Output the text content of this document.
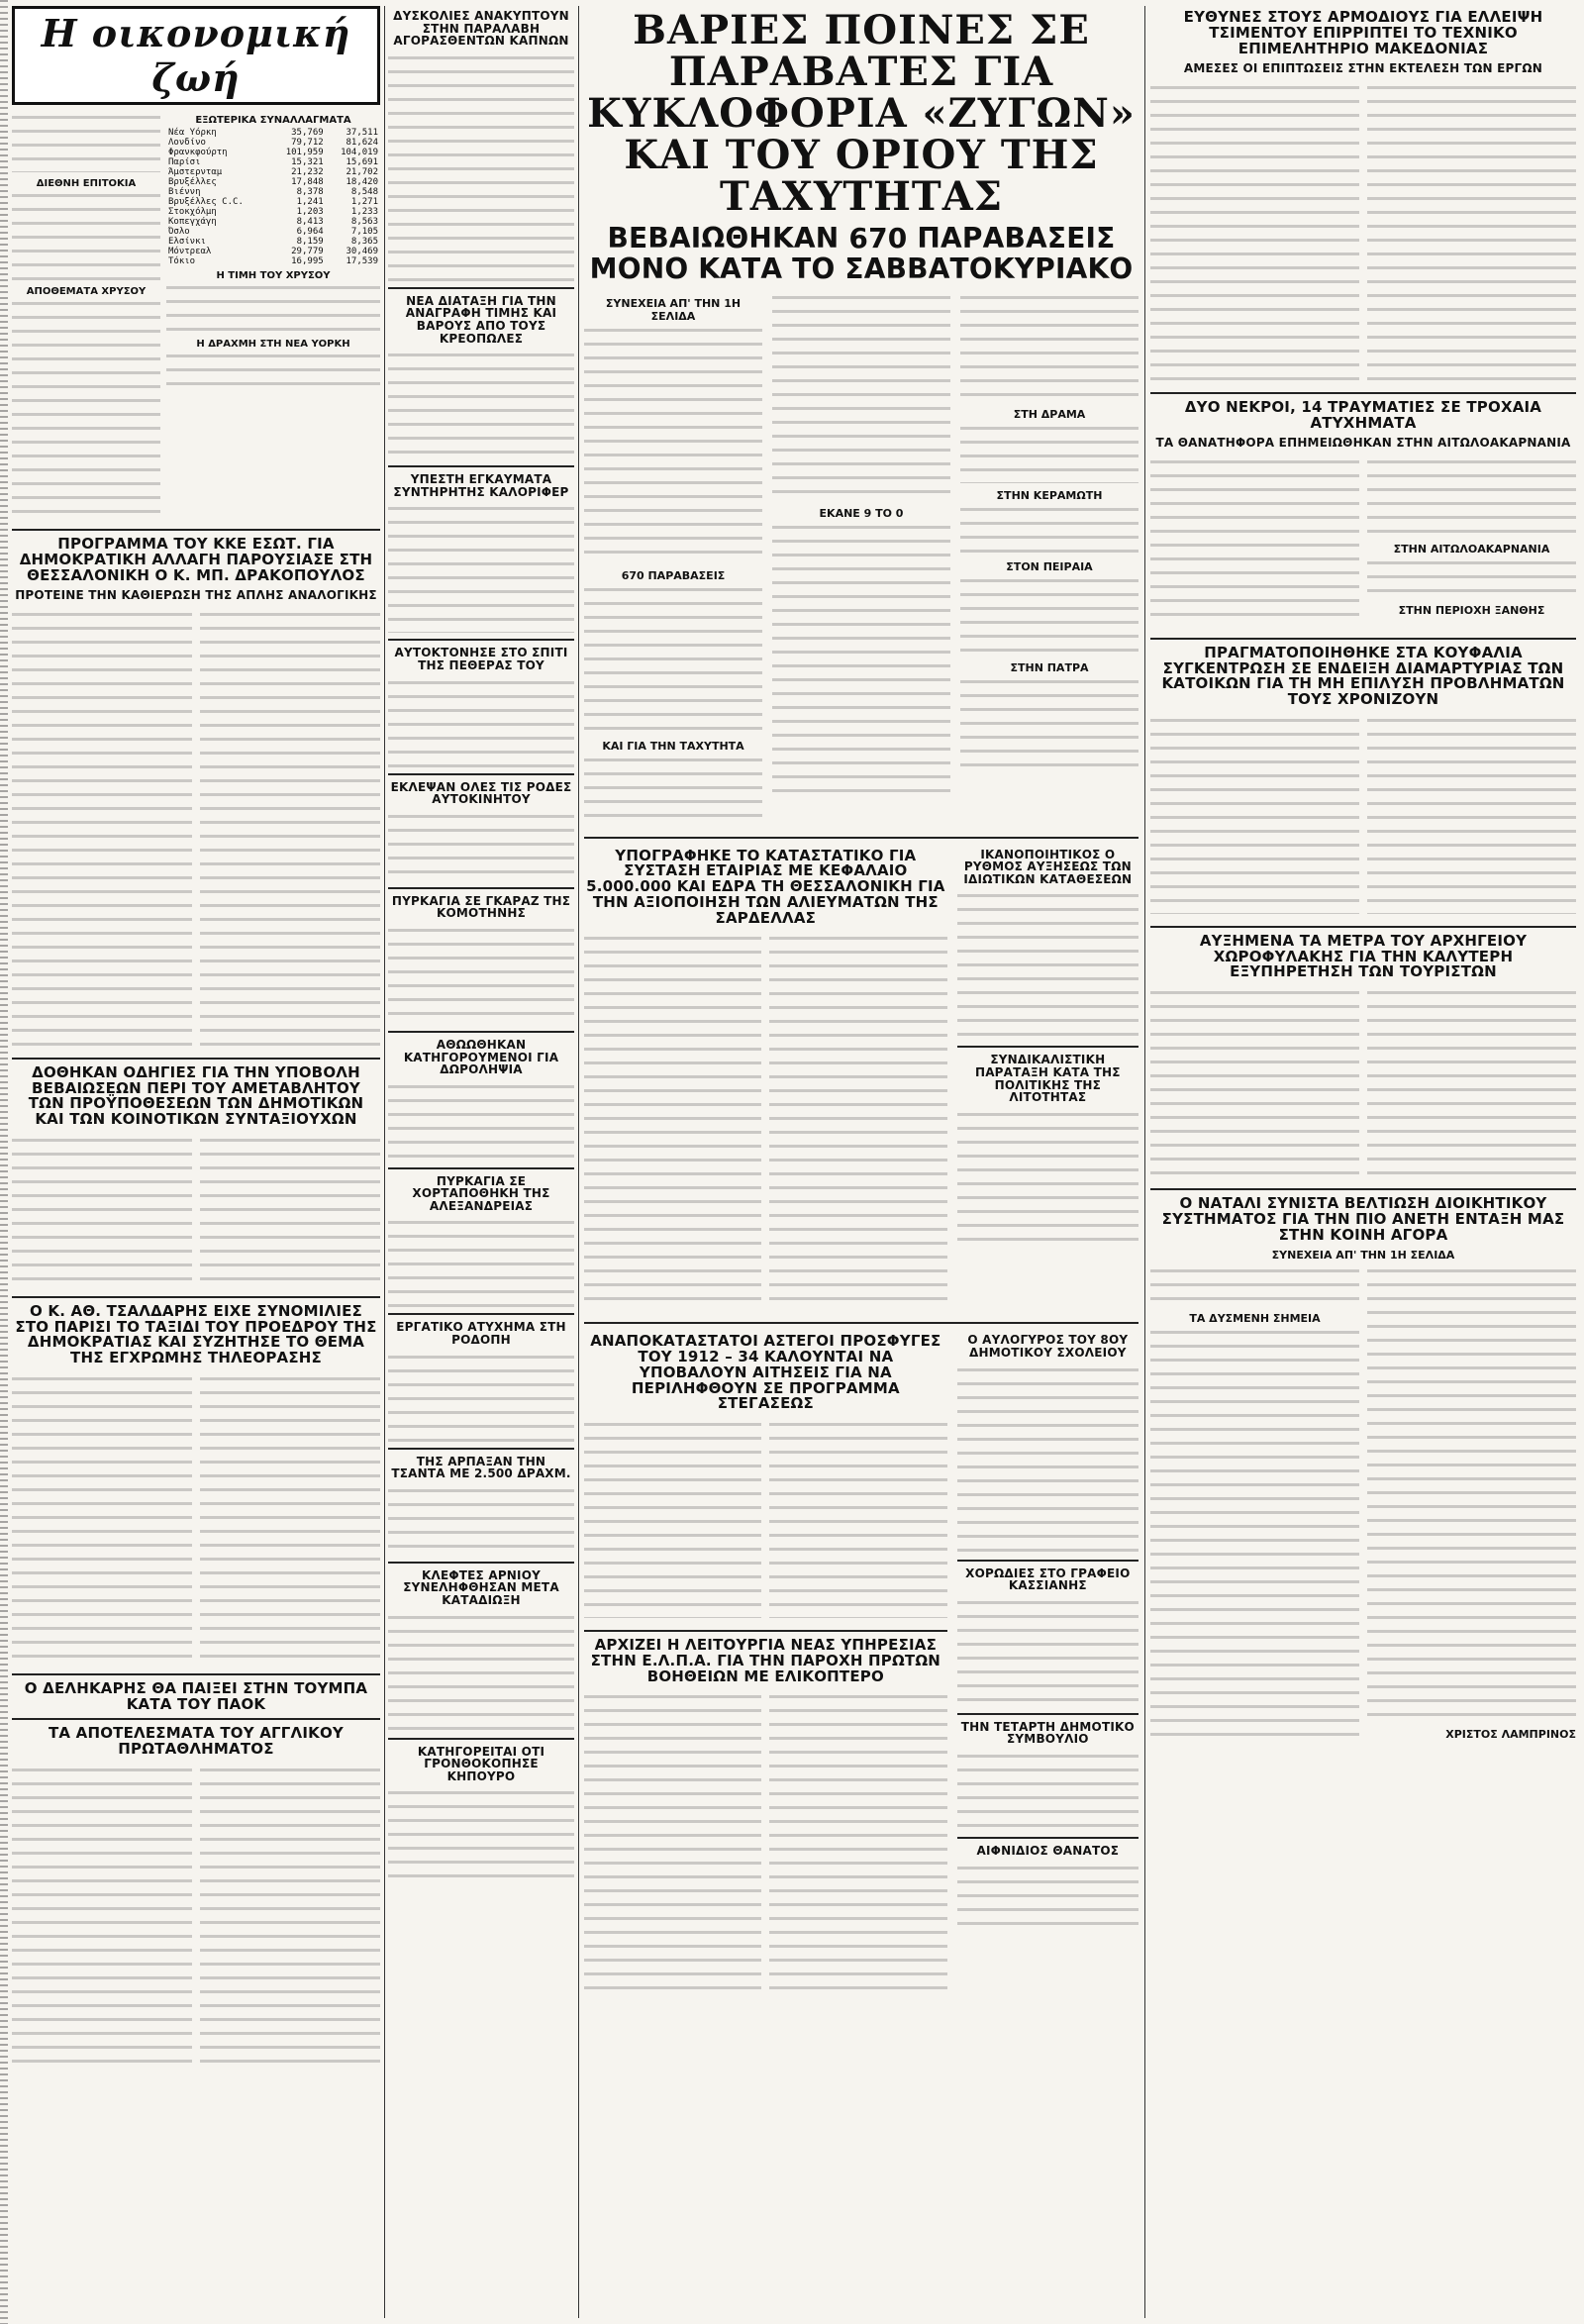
Η οικονομική ζωή
ΔΙΕΘΝΗ ΕΠΙΤΟΚΙΑ
ΑΠΟΘΕΜΑΤΑ ΧΡΥΣΟΥ
ΕΞΩΤΕΡΙΚΑ ΣΥΝΑΛΛΑΓΜΑΤΑ
Νέα Υόρκη	35,769	37,511
Λονδίνο	79,712	81,624
Φρανκφούρτη	101,959	104,019
Παρίσι	15,321	15,691
Άμστερνταμ	21,232	21,702
Βρυξέλλες	17,848	18,420
Βιέννη	8,378	8,548
Βρυξέλλες C.C.	1,241	1,271
Στοκχόλμη	1,203	1,233
Κοπεγχάγη	8,413	8,563
Όσλο	6,964	7,105
Ελσίνκι	8,159	8,365
Μόντρεαλ	29,779	30,469
Τόκιο	16,995	17,539
Η ΤΙΜΗ ΤΟΥ ΧΡΥΣΟΥ
Η ΔΡΑΧΜΗ ΣΤΗ ΝΕΑ ΥΟΡΚΗ
ΠΡΟΓΡΑΜΜΑ ΤΟΥ ΚΚΕ ΕΣΩΤ. ΓΙΑ ΔΗΜΟΚΡΑΤΙΚΗ ΑΛΛΑΓΗ ΠΑΡΟΥΣΙΑΣΕ ΣΤΗ ΘΕΣΣΑΛΟΝΙΚΗ Ο Κ. ΜΠ. ΔΡΑΚΟΠΟΥΛΟΣ
ΠΡΟΤΕΙΝΕ ΤΗΝ ΚΑΘΙΕΡΩΣΗ ΤΗΣ ΑΠΛΗΣ ΑΝΑΛΟΓΙΚΗΣ
ΔΟΘΗΚΑΝ ΟΔΗΓΙΕΣ ΓΙΑ ΤΗΝ ΥΠΟΒΟΛΗ ΒΕΒΑΙΩΣΕΩΝ ΠΕΡΙ ΤΟΥ ΑΜΕΤΑΒΛΗΤΟΥ ΤΩΝ ΠΡΟΫΠΟΘΕΣΕΩΝ ΤΩΝ ΔΗΜΟΤΙΚΩΝ ΚΑΙ ΤΩΝ ΚΟΙΝΟΤΙΚΩΝ ΣΥΝΤΑΞΙΟΥΧΩΝ
Ο Κ. ΑΘ. ΤΣΑΛΔΑΡΗΣ ΕΙΧΕ ΣΥΝΟΜΙΛΙΕΣ ΣΤΟ ΠΑΡΙΣΙ ΤΟ ΤΑΞΙΔΙ ΤΟΥ ΠΡΟΕΔΡΟΥ ΤΗΣ ΔΗΜΟΚΡΑΤΙΑΣ ΚΑΙ ΣΥΖΗΤΗΣΕ ΤΟ ΘΕΜΑ ΤΗΣ ΕΓΧΡΩΜΗΣ ΤΗΛΕΟΡΑΣΗΣ
Ο ΔΕΛΗΚΑΡΗΣ ΘΑ ΠΑΙΞΕΙ ΣΤΗΝ ΤΟΥΜΠΑ ΚΑΤΑ ΤΟΥ ΠΑΟΚ
ΤΑ ΑΠΟΤΕΛΕΣΜΑΤΑ ΤΟΥ ΑΓΓΛΙΚΟΥ ΠΡΩΤΑΘΛΗΜΑΤΟΣ
ΔΥΣΚΟΛΙΕΣ ΑΝΑΚΥΠΤΟΥΝ ΣΤΗΝ ΠΑΡΑΛΑΒΗ ΑΓΟΡΑΣΘΕΝΤΩΝ ΚΑΠΝΩΝ
ΝΕΑ ΔΙΑΤΑΞΗ ΓΙΑ ΤΗΝ ΑΝΑΓΡΑΦΗ ΤΙΜΗΣ ΚΑΙ ΒΑΡΟΥΣ ΑΠΟ ΤΟΥΣ ΚΡΕΟΠΩΛΕΣ
ΥΠΕΣΤΗ ΕΓΚΑΥΜΑΤΑ ΣΥΝΤΗΡΗΤΗΣ ΚΑΛΟΡΙΦΕΡ
ΑΥΤΟΚΤΟΝΗΣΕ ΣΤΟ ΣΠΙΤΙ ΤΗΣ ΠΕΘΕΡΑΣ ΤΟΥ
ΕΚΛΕΨΑΝ ΟΛΕΣ ΤΙΣ ΡΟΔΕΣ ΑΥΤΟΚΙΝΗΤΟΥ
ΠΥΡΚΑΓΙΑ ΣΕ ΓΚΑΡΑΖ ΤΗΣ ΚΟΜΟΤΗΝΗΣ
ΑΘΩΩΘΗΚΑΝ ΚΑΤΗΓΟΡΟΥΜΕΝΟΙ ΓΙΑ ΔΩΡΟΛΗΨΙΑ
ΠΥΡΚΑΓΙΑ ΣΕ ΧΟΡΤΑΠΟΘΗΚΗ ΤΗΣ ΑΛΕΞΑΝΔΡΕΙΑΣ
ΕΡΓΑΤΙΚΟ ΑΤΥΧΗΜΑ ΣΤΗ ΡΟΔΟΠΗ
ΤΗΣ ΑΡΠΑΞΑΝ ΤΗΝ ΤΣΑΝΤΑ ΜΕ 2.500 ΔΡΑΧΜ.
ΚΛΕΦΤΕΣ ΑΡΝΙΟΥ ΣΥΝΕΛΗΦΘΗΣΑΝ ΜΕΤΑ ΚΑΤΑΔΙΩΞΗ
ΚΑΤΗΓΟΡΕΙΤΑΙ ΟΤΙ ΓΡΟΝΘΟΚΟΠΗΣΕ ΚΗΠΟΥΡΟ
ΒΑΡΙΕΣ ΠΟΙΝΕΣ ΣΕ ΠΑΡΑΒΑΤΕΣ ΓΙΑ ΚΥΚΛΟΦΟΡΙΑ «ΖΥΓΩΝ» ΚΑΙ ΤΟΥ ΟΡΙΟΥ ΤΗΣ ΤΑΧΥΤΗΤΑΣ
ΒΕΒΑΙΩΘΗΚΑΝ 670 ΠΑΡΑΒΑΣΕΙΣ ΜΟΝΟ ΚΑΤΑ ΤΟ ΣΑΒΒΑΤΟΚΥΡΙΑΚΟ
ΣΥΝΕΧΕΙΑ ΑΠ' ΤΗΝ 1Η ΣΕΛΙΔΑ
670 ΠΑΡΑΒΑΣΕΙΣ
ΚΑΙ ΓΙΑ ΤΗΝ ΤΑΧΥΤΗΤΑ
ΕΚΑΝΕ 9 ΤΟ 0
ΣΤΗ ΔΡΑΜΑ
ΣΤΗΝ ΚΕΡΑΜΩΤΗ
ΣΤΟΝ ΠΕΙΡΑΙΑ
ΣΤΗΝ ΠΑΤΡΑ
ΥΠΟΓΡΑΦΗΚΕ ΤΟ ΚΑΤΑΣΤΑΤΙΚΟ ΓΙΑ ΣΥΣΤΑΣΗ ΕΤΑΙΡΙΑΣ ΜΕ ΚΕΦΑΛΑΙΟ 5.000.000 ΚΑΙ ΕΔΡΑ ΤΗ ΘΕΣΣΑΛΟΝΙΚΗ ΓΙΑ ΤΗΝ ΑΞΙΟΠΟΙΗΣΗ ΤΩΝ ΑΛΙΕΥΜΑΤΩΝ ΤΗΣ ΣΑΡΔΕΛΛΑΣ
ΙΚΑΝΟΠΟΙΗΤΙΚΟΣ Ο ΡΥΘΜΟΣ ΑΥΞΗΣΕΩΣ ΤΩΝ ΙΔΙΩΤΙΚΩΝ ΚΑΤΑΘΕΣΕΩΝ
ΣΥΝΔΙΚΑΛΙΣΤΙΚΗ ΠΑΡΑΤΑΞΗ ΚΑΤΑ ΤΗΣ ΠΟΛΙΤΙΚΗΣ ΤΗΣ ΛΙΤΟΤΗΤΑΣ
ΑΝΑΠΟΚΑΤΑΣΤΑΤΟΙ ΑΣΤΕΓΟΙ ΠΡΟΣΦΥΓΕΣ ΤΟΥ 1912 – 34 ΚΑΛΟΥΝΤΑΙ ΝΑ ΥΠΟΒΑΛΟΥΝ ΑΙΤΗΣΕΙΣ ΓΙΑ ΝΑ ΠΕΡΙΛΗΦΘΟΥΝ ΣΕ ΠΡΟΓΡΑΜΜΑ ΣΤΕΓΑΣΕΩΣ
ΑΡΧΙΖΕΙ Η ΛΕΙΤΟΥΡΓΙΑ ΝΕΑΣ ΥΠΗΡΕΣΙΑΣ ΣΤΗΝ Ε.Λ.Π.Α. ΓΙΑ ΤΗΝ ΠΑΡΟΧΗ ΠΡΩΤΩΝ ΒΟΗΘΕΙΩΝ ΜΕ ΕΛΙΚΟΠΤΕΡΟ
Ο ΑΥΛΟΓΥΡΟΣ ΤΟΥ 8ΟΥ ΔΗΜΟΤΙΚΟΥ ΣΧΟΛΕΙΟΥ
ΧΟΡΩΔΙΕΣ ΣΤΟ ΓΡΑΦΕΙΟ ΚΑΣΣΙΑΝΗΣ
ΤΗΝ ΤΕΤΑΡΤΗ ΔΗΜΟΤΙΚΟ ΣΥΜΒΟΥΛΙΟ
ΑΙΦΝΙΔΙΟΣ ΘΑΝΑΤΟΣ
ΕΥΘΥΝΕΣ ΣΤΟΥΣ ΑΡΜΟΔΙΟΥΣ ΓΙΑ ΕΛΛΕΙΨΗ ΤΣΙΜΕΝΤΟΥ ΕΠΙΡΡΙΠΤΕΙ ΤΟ ΤΕΧΝΙΚΟ ΕΠΙΜΕΛΗΤΗΡΙΟ ΜΑΚΕΔΟΝΙΑΣ
ΑΜΕΣΕΣ ΟΙ ΕΠΙΠΤΩΣΕΙΣ ΣΤΗΝ ΕΚΤΕΛΕΣΗ ΤΩΝ ΕΡΓΩΝ
ΔΥΟ ΝΕΚΡΟΙ, 14 ΤΡΑΥΜΑΤΙΕΣ ΣΕ ΤΡΟΧΑΙΑ ΑΤΥΧΗΜΑΤΑ
ΤΑ ΘΑΝΑΤΗΦΟΡΑ ΕΠΗΜΕΙΩΘΗΚΑΝ ΣΤΗΝ ΑΙΤΩΛΟΑΚΑΡΝΑΝΙΑ
ΣΤΗΝ ΑΙΤΩΛΟΑΚΑΡΝΑΝΙΑ
ΣΤΗΝ ΠΕΡΙΟΧΗ ΞΑΝΘΗΣ
ΠΡΑΓΜΑΤΟΠΟΙΗΘΗΚΕ ΣΤΑ ΚΟΥΦΑΛΙΑ ΣΥΓΚΕΝΤΡΩΣΗ ΣΕ ΕΝΔΕΙΞΗ ΔΙΑΜΑΡΤΥΡΙΑΣ ΤΩΝ ΚΑΤΟΙΚΩΝ ΓΙΑ ΤΗ ΜΗ ΕΠΙΛΥΣΗ ΠΡΟΒΛΗΜΑΤΩΝ ΤΟΥΣ ΧΡΟΝΙΖΟΥΝ
ΑΥΞΗΜΕΝΑ ΤΑ ΜΕΤΡΑ ΤΟΥ ΑΡΧΗΓΕΙΟΥ ΧΩΡΟΦΥΛΑΚΗΣ ΓΙΑ ΤΗΝ ΚΑΛΥΤΕΡΗ ΕΞΥΠΗΡΕΤΗΣΗ ΤΩΝ ΤΟΥΡΙΣΤΩΝ
Ο ΝΑΤΑΛΙ ΣΥΝΙΣΤΑ ΒΕΛΤΙΩΣΗ ΔΙΟΙΚΗΤΙΚΟΥ ΣΥΣΤΗΜΑΤΟΣ ΓΙΑ ΤΗΝ ΠΙΟ ΑΝΕΤΗ ΕΝΤΑΞΗ ΜΑΣ ΣΤΗΝ ΚΟΙΝΗ ΑΓΟΡΑ
ΣΥΝΕΧΕΙΑ ΑΠ' ΤΗΝ 1Η ΣΕΛΙΔΑ
ΤΑ ΔΥΣΜΕΝΗ ΣΗΜΕΙΑ
ΧΡΙΣΤΟΣ ΛΑΜΠΡΙΝΟΣ
